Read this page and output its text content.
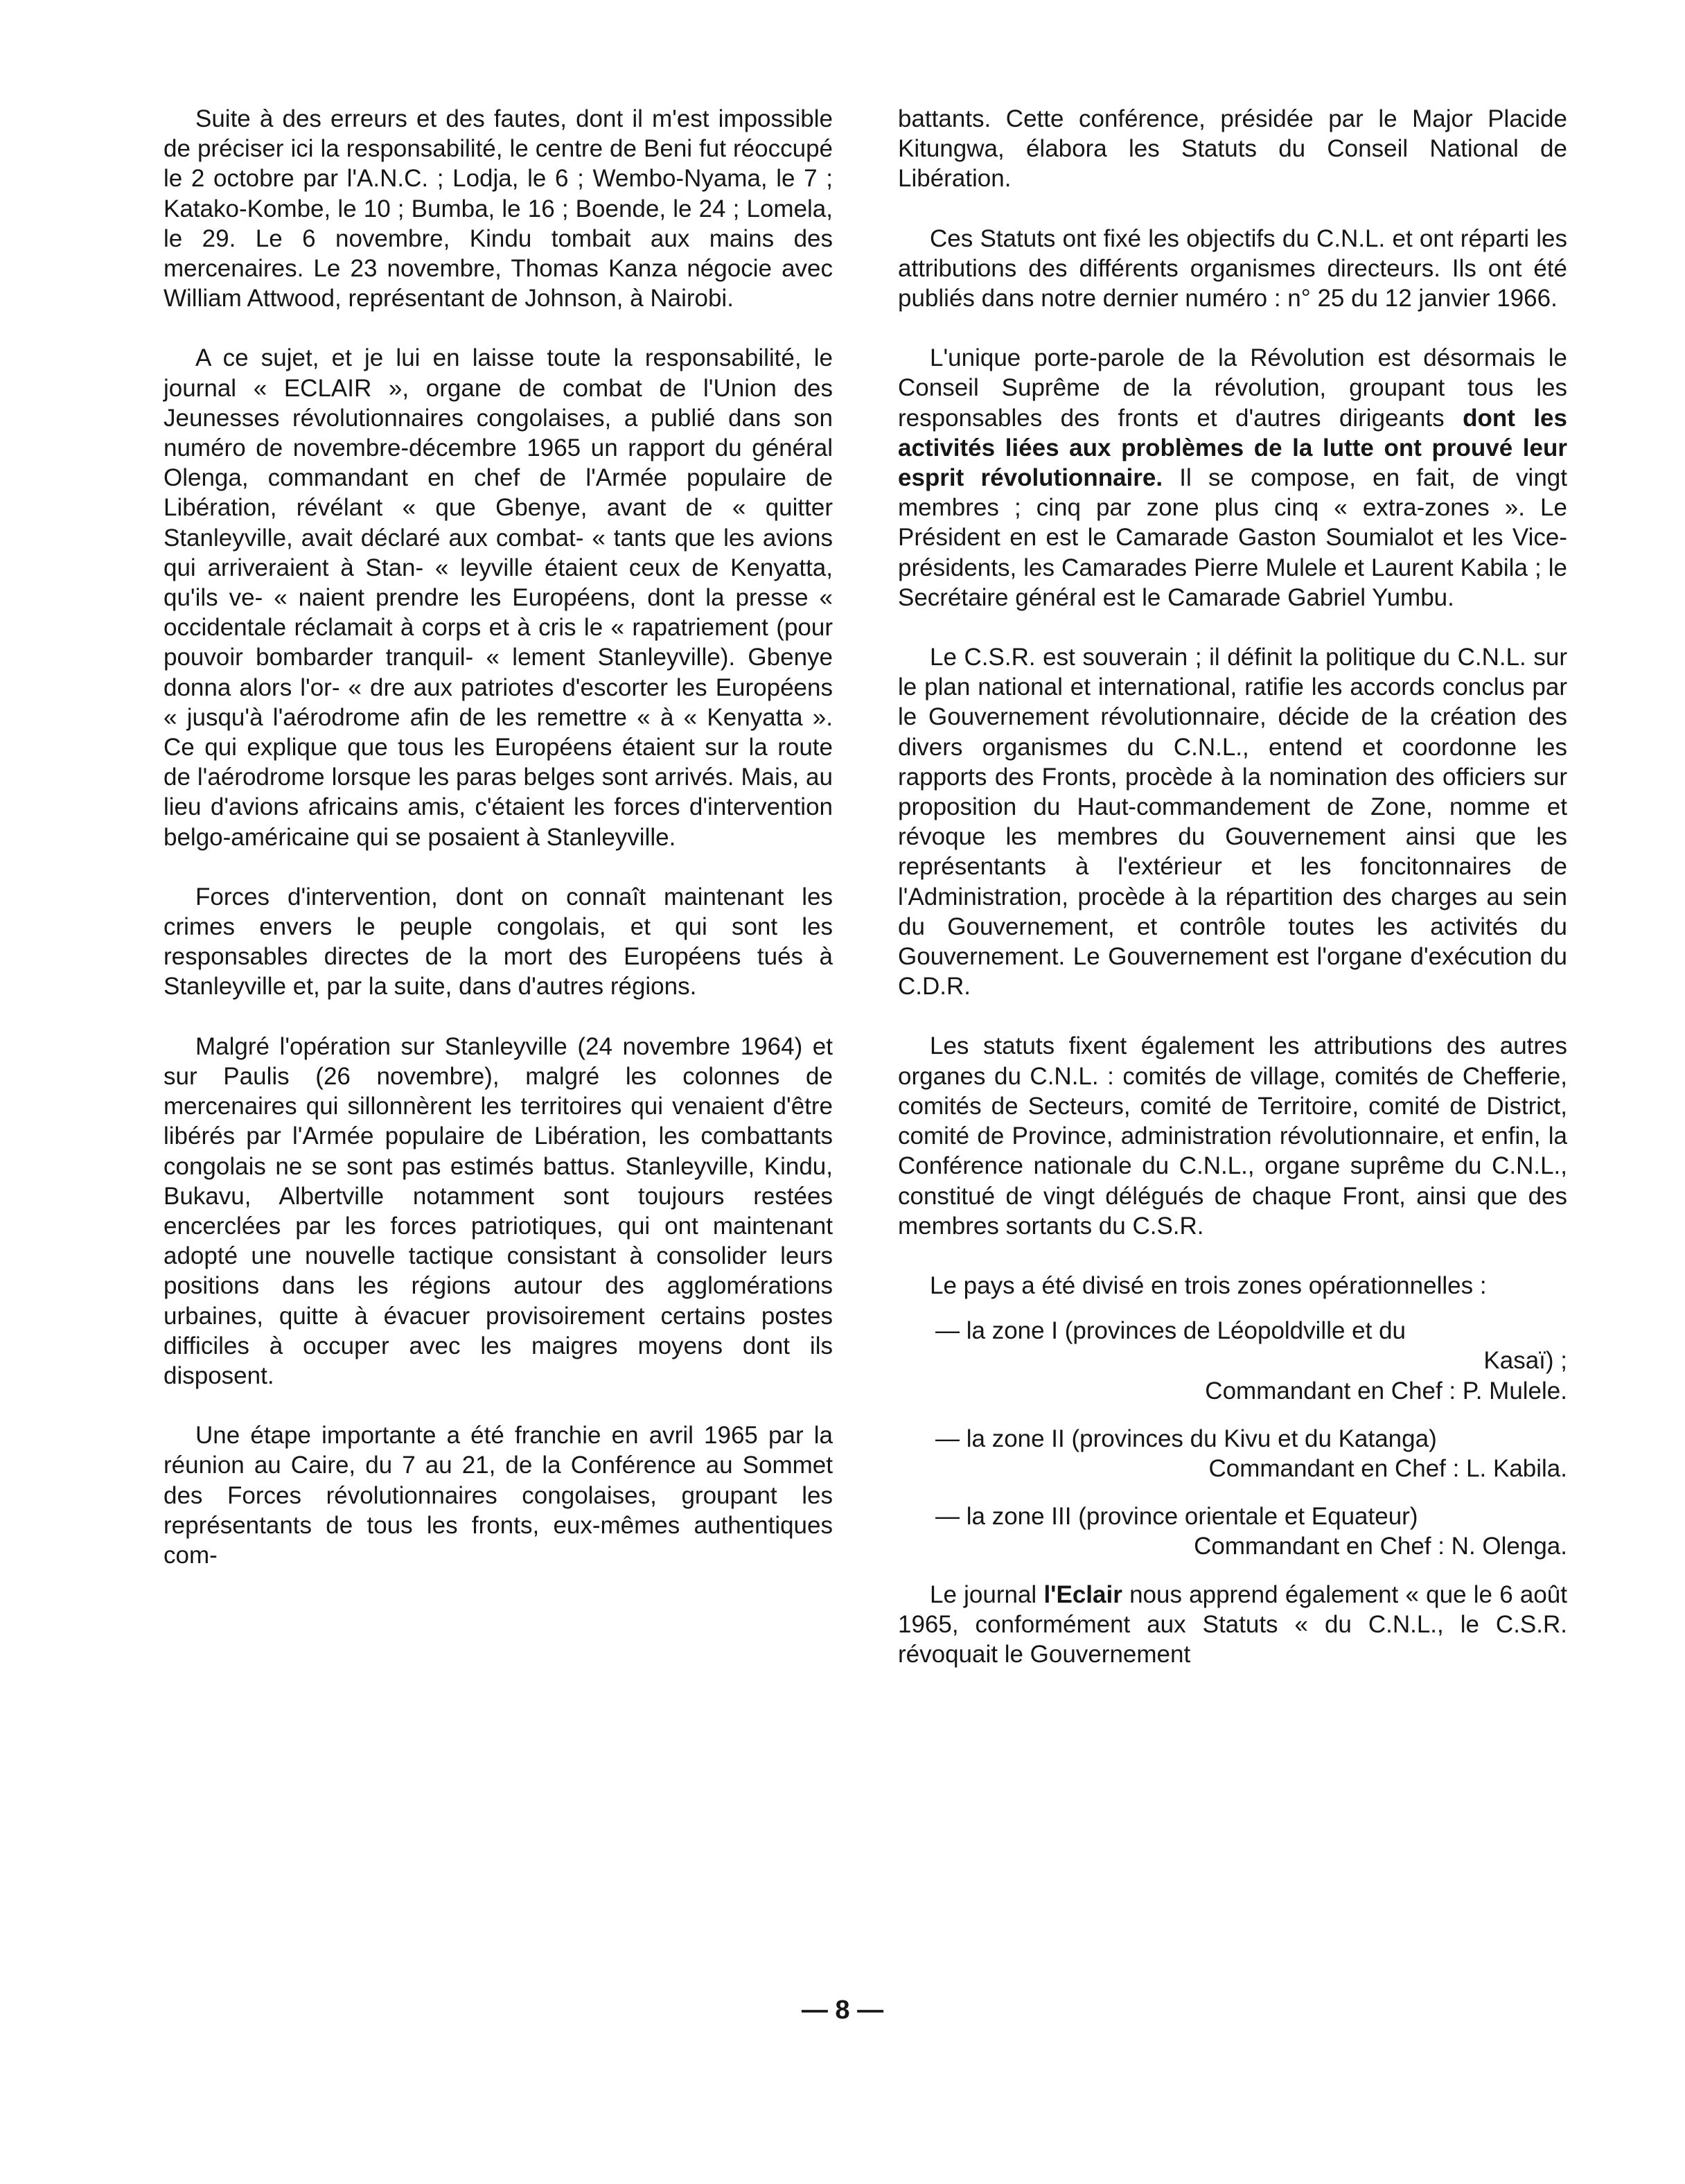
Suite à des erreurs et des fautes, dont il m'est impossible de préciser ici la responsabilité, le centre de Beni fut réoccupé le 2 octobre par l'A.N.C. ; Lodja, le 6 ; Wembo-Nyama, le 7 ; Katako-Kombe, le 10 ; Bumba, le 16 ; Boende, le 24 ; Lomela, le 29. Le 6 novembre, Kindu tombait aux mains des mercenaires. Le 23 novembre, Thomas Kanza négocie avec William Attwood, représentant de Johnson, à Nairobi.

A ce sujet, et je lui en laisse toute la responsabilité, le journal « ECLAIR », organe de combat de l'Union des Jeunesses révolutionnaires congolaises, a publié dans son numéro de novembre-décembre 1965 un rapport du général Olenga, commandant en chef de l'Armée populaire de Libération, révélant « que Gbenye, avant de « quitter Stanleyville, avait déclaré aux combat- « tants que les avions qui arriveraient à Stan- « leyville étaient ceux de Kenyatta, qu'ils ve- « naient prendre les Européens, dont la presse « occidentale réclamait à corps et à cris le « rapatriement (pour pouvoir bombarder tranquil- « lement Stanleyville). Gbenye donna alors l'or- « dre aux patriotes d'escorter les Européens « jusqu'à l'aérodrome afin de les remettre « à « Kenyatta ». Ce qui explique que tous les Européens étaient sur la route de l'aérodrome lorsque les paras belges sont arrivés. Mais, au lieu d'avions africains amis, c'étaient les forces d'intervention belgo-américaine qui se posaient à Stanleyville.

Forces d'intervention, dont on connaît maintenant les crimes envers le peuple congolais, et qui sont les responsables directes de la mort des Européens tués à Stanleyville et, par la suite, dans d'autres régions.

Malgré l'opération sur Stanleyville (24 novembre 1964) et sur Paulis (26 novembre), malgré les colonnes de mercenaires qui sillonnèrent les territoires qui venaient d'être libérés par l'Armée populaire de Libération, les combattants congolais ne se sont pas estimés battus. Stanleyville, Kindu, Bukavu, Albertville notamment sont toujours restées encerclées par les forces patriotiques, qui ont maintenant adopté une nouvelle tactique consistant à consolider leurs positions dans les régions autour des agglomérations urbaines, quitte à évacuer provisoirement certains postes difficiles à occuper avec les maigres moyens dont ils disposent.

Une étape importante a été franchie en avril 1965 par la réunion au Caire, du 7 au 21, de la Conférence au Sommet des Forces révolutionnaires congolaises, groupant les représentants de tous les fronts, eux-mêmes authentiques com-

battants. Cette conférence, présidée par le Major Placide Kitungwa, élabora les Statuts du Conseil National de Libération.

Ces Statuts ont fixé les objectifs du C.N.L. et ont réparti les attributions des différents organismes directeurs. Ils ont été publiés dans notre dernier numéro : n° 25 du 12 janvier 1966.

L'unique porte-parole de la Révolution est désormais le Conseil Suprême de la révolution, groupant tous les responsables des fronts et d'autres dirigeants dont les activités liées aux problèmes de la lutte ont prouvé leur esprit révolutionnaire. Il se compose, en fait, de vingt membres ; cinq par zone plus cinq « extra-zones ». Le Président en est le Camarade Gaston Soumialot et les Vice-présidents, les Camarades Pierre Mulele et Laurent Kabila ; le Secrétaire général est le Camarade Gabriel Yumbu.

Le C.S.R. est souverain ; il définit la politique du C.N.L. sur le plan national et international, ratifie les accords conclus par le Gouvernement révolutionnaire, décide de la création des divers organismes du C.N.L., entend et coordonne les rapports des Fronts, procède à la nomination des officiers sur proposition du Haut-commandement de Zone, nomme et révoque les membres du Gouvernement ainsi que les représentants à l'extérieur et les foncitonnaires de l'Administration, procède à la répartition des charges au sein du Gouvernement, et contrôle toutes les activités du Gouvernement. Le Gouvernement est l'organe d'exécution du C.D.R.

Les statuts fixent également les attributions des autres organes du C.N.L. : comités de village, comités de Chefferie, comités de Secteurs, comité de Territoire, comité de District, comité de Province, administration révolutionnaire, et enfin, la Conférence nationale du C.N.L., organe suprême du C.N.L., constitué de vingt délégués de chaque Front, ainsi que des membres sortants du C.S.R.

Le pays a été divisé en trois zones opérationnelles :

— la zone I (provinces de Léopoldville et du
Kasaï) ;
Commandant en Chef : P. Mulele.
— la zone II (provinces du Kivu et du Katanga)
Commandant en Chef : L. Kabila.
— la zone III (province orientale et Equateur)
Commandant en Chef : N. Olenga.

Le journal l'Eclair nous apprend également « que le 6 août 1965, conformément aux Statuts « du C.N.L., le C.S.R. révoquait le Gouvernement

— 8 —
